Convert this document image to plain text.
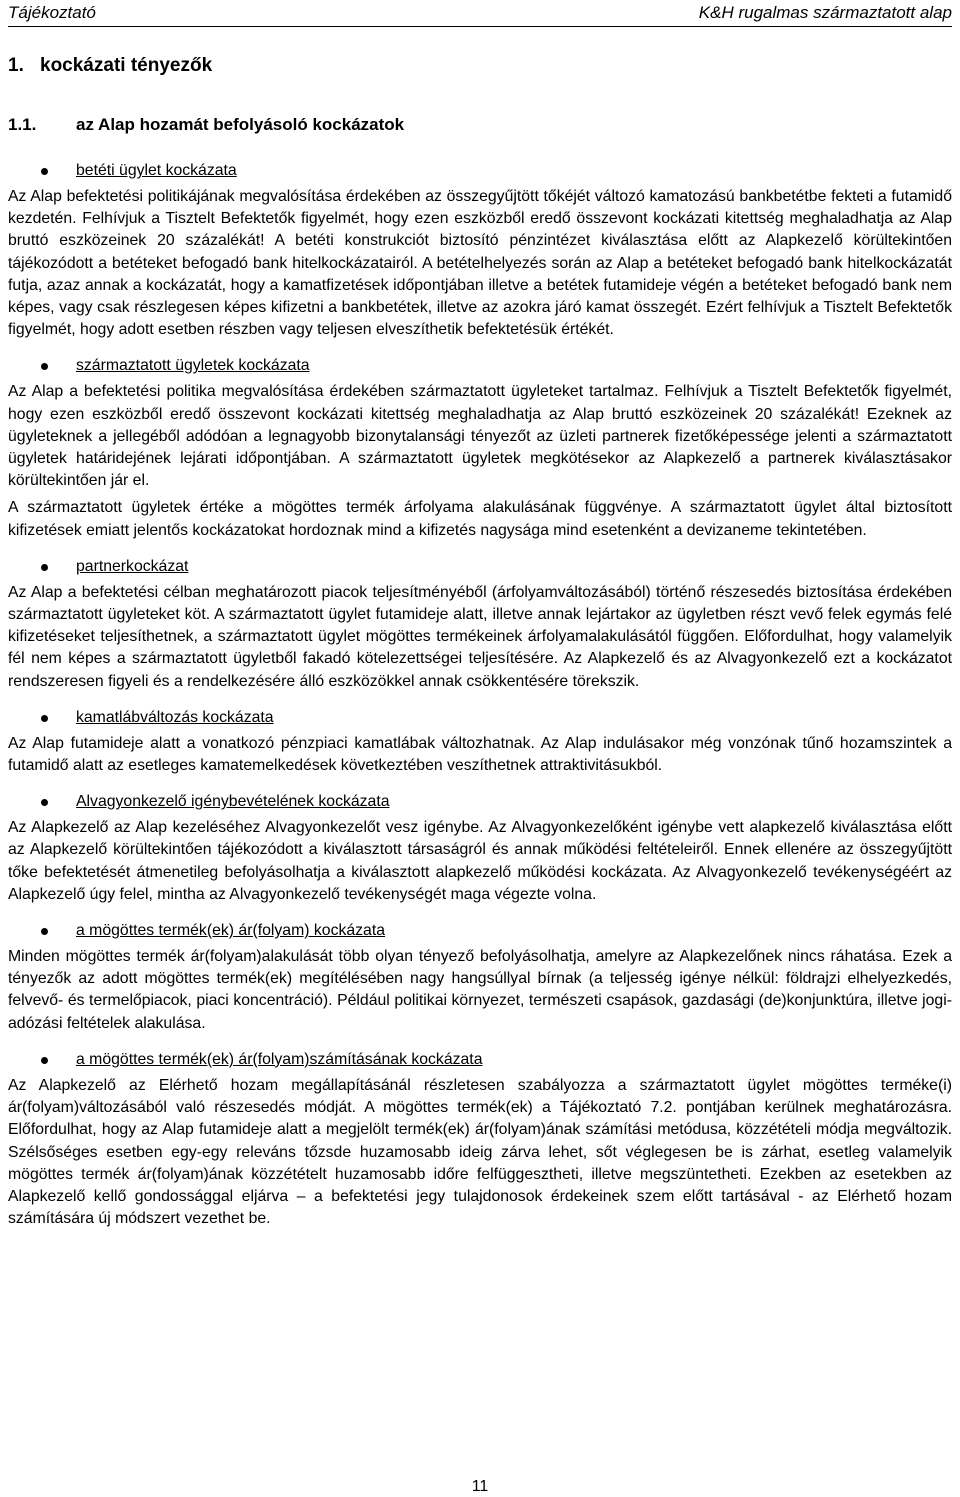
Tájékoztató	K&H rugalmas származtatott alap
1. kockázati tényezők
1.1. az Alap hozamát befolyásoló kockázatok
betéti ügylet kockázata

Az Alap befektetési politikájának megvalósítása érdekében az összegyűjtött tőkéjét változó kamatozású bankbetétbe fekteti a futamidő kezdetén. Felhívjuk a Tisztelt Befektetők figyelmét, hogy ezen eszközből eredő összevont kockázati kitettség meghaladhatja az Alap bruttó eszközeinek 20 százalékát! A betéti konstrukciót biztosító pénzintézet kiválasztása előtt az Alapkezelő körültekintően tájékozódott a betéteket befogadó bank hitelkockázatairól. A betételhelyezés során az Alap a betéteket befogadó bank hitelkockázatát futja, azaz annak a kockázatát, hogy a kamatfizetések időpontjában illetve a betétek futamideje végén a betéteket befogadó bank nem képes, vagy csak részlegesen képes kifizetni a bankbetétek, illetve az azokra járó kamat összegét. Ezért felhívjuk a Tisztelt Befektetők figyelmét, hogy adott esetben részben vagy teljesen elveszíthetik befektetésük értékét.

származtatott ügyletek kockázata

Az Alap a befektetési politika megvalósítása érdekében származtatott ügyleteket tartalmaz. Felhívjuk a Tisztelt Befektetők figyelmét, hogy ezen eszközből eredő összevont kockázati kitettség meghaladhatja az Alap bruttó eszközeinek 20 százalékát! Ezeknek az ügyleteknek a jellegéből adódóan a legnagyobb bizonytalansági tényezőt az üzleti partnerek fizetőképessége jelenti a származtatott ügyletek határidejének lejárati időpontjában. A származtatott ügyletek megkötésekor az Alapkezelő a partnerek kiválasztásakor körültekintően jár el.

A származtatott ügyletek értéke a mögöttes termék árfolyama alakulásának függvénye. A származtatott ügylet által biztosított kifizetések emiatt jelentős kockázatokat hordoznak mind a kifizetés nagysága mind esetenként a devizaneme tekintetében.

partnerkockázat

Az Alap a befektetési célban meghatározott piacok teljesítményéből (árfolyamváltozásából) történő részesedés biztosítása érdekében származtatott ügyleteket köt. A származtatott ügylet futamideje alatt, illetve annak lejártakor az ügyletben részt vevő felek egymás felé kifizetéseket teljesíthetnek, a származtatott ügylet mögöttes termékeinek árfolyamalakulásától függően. Előfordulhat, hogy valamelyik fél nem képes a származtatott ügyletből fakadó kötelezettségei teljesítésére. Az Alapkezelő és az Alvagyonkezelő ezt a kockázatot rendszeresen figyeli és a rendelkezésére álló eszközökkel annak csökkentésére törekszik.

kamatlábváltozás kockázata

Az Alap futamideje alatt a vonatkozó pénzpiaci kamatlábak változhatnak. Az Alap indulásakor még vonzónak tűnő hozamszintek a futamidő alatt az esetleges kamatemelkedések következtében veszíthetnek attraktivitásukból.

Alvagyonkezelő igénybevételének kockázata

Az Alapkezelő az Alap kezeléséhez Alvagyonkezelőt vesz igénybe. Az Alvagyonkezelőként igénybe vett alapkezelő kiválasztása előtt az Alapkezelő körültekintően tájékozódott a kiválasztott társaságról és annak működési feltételeiről. Ennek ellenére az összegyűjtött tőke befektetését átmenetileg befolyásolhatja a kiválasztott alapkezelő működési kockázata. Az Alvagyonkezelő tevékenységéért az Alapkezelő úgy felel, mintha az Alvagyonkezelő tevékenységét maga végezte volna.

a mögöttes termék(ek) ár(folyam) kockázata

Minden mögöttes termék ár(folyam)alakulását több olyan tényező befolyásolhatja, amelyre az Alapkezelőnek nincs ráhatása. Ezek a tényezők az adott mögöttes termék(ek) megítélésében nagy hangsúllyal bírnak (a teljesség igénye nélkül: földrajzi elhelyezkedés, felvevő- és termelőpiacok, piaci koncentráció). Például politikai környezet, természeti csapások, gazdasági (de)konjunktúra, illetve jogi-adózási feltételek alakulása.

a mögöttes termék(ek) ár(folyam)számításának kockázata

Az Alapkezelő az Elérhető hozam megállapításánál részletesen szabályozza a származtatott ügylet mögöttes terméke(i) ár(folyam)változásából való részesedés módját. A mögöttes termék(ek) a Tájékoztató 7.2. pontjában kerülnek meghatározásra. Előfordulhat, hogy az Alap futamideje alatt a megjelölt termék(ek) ár(folyam)ának számítási metódusa, közzétételi módja megváltozik. Szélsőséges esetben egy-egy releváns tőzsde huzamosabb ideig zárva lehet, sőt véglegesen be is zárhat, esetleg valamelyik mögöttes termék ár(folyam)ának közzétételt huzamosabb időre felfüggesztheti, illetve megszüntetheti. Ezekben az esetekben az Alapkezelő kellő gondossággal eljárva – a befektetési jegy tulajdonosok érdekeinek szem előtt tartásával - az Elérhető hozam számítására új módszert vezethet be.

11
